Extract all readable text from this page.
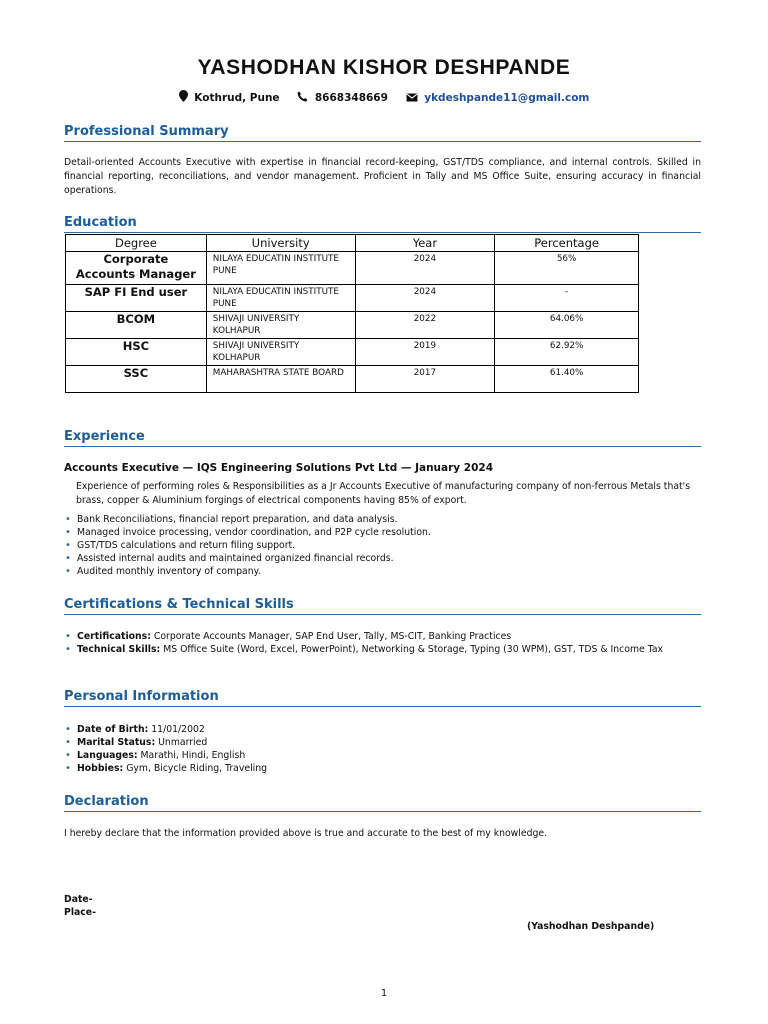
YASHODHAN KISHOR DESHPANDE
Kothrud, Pune	8668348669	ykdeshpande11@gmail.com
Professional Summary
Detail-oriented Accounts Executive with expertise in financial record-keeping, GST/TDS compliance, and internal controls. Skilled in financial reporting, reconciliations, and vendor management. Proficient in Tally and MS Office Suite, ensuring accuracy in financial operations.
Education
Degree	University	Year	Percentage
Corporate Accounts Manager	NILAYA EDUCATIN INSTITUTE PUNE	2024	56%
SAP FI End user	NILAYA EDUCATIN INSTITUTE PUNE	2024	-
BCOM	SHIVAJI UNIVERSITY KOLHAPUR	2022	64.06%
HSC	SHIVAJI UNIVERSITY KOLHAPUR	2019	62.92%
SSC	MAHARASHTRA STATE BOARD	2017	61.40%
Experience
Accounts Executive — IQS Engineering Solutions Pvt Ltd — January 2024
Experience of performing roles & Responsibilities as a Jr Accounts Executive of manufacturing company of non-ferrous Metals that's brass, copper & Aluminium forgings of electrical components having 85% of export.
• Bank Reconciliations, financial report preparation, and data analysis.
• Managed invoice processing, vendor coordination, and P2P cycle resolution.
• GST/TDS calculations and return filing support.
• Assisted internal audits and maintained organized financial records.
• Audited monthly inventory of company.
Certifications & Technical Skills
• Certifications: Corporate Accounts Manager, SAP End User, Tally, MS-CIT, Banking Practices
• Technical Skills: MS Office Suite (Word, Excel, PowerPoint), Networking & Storage, Typing (30 WPM), GST, TDS & Income Tax
Personal Information
• Date of Birth: 11/01/2002
• Marital Status: Unmarried
• Languages: Marathi, Hindi, English
• Hobbies: Gym, Bicycle Riding, Traveling
Declaration
I hereby declare that the information provided above is true and accurate to the best of my knowledge.
Date-
Place-
(Yashodhan Deshpande)
1
